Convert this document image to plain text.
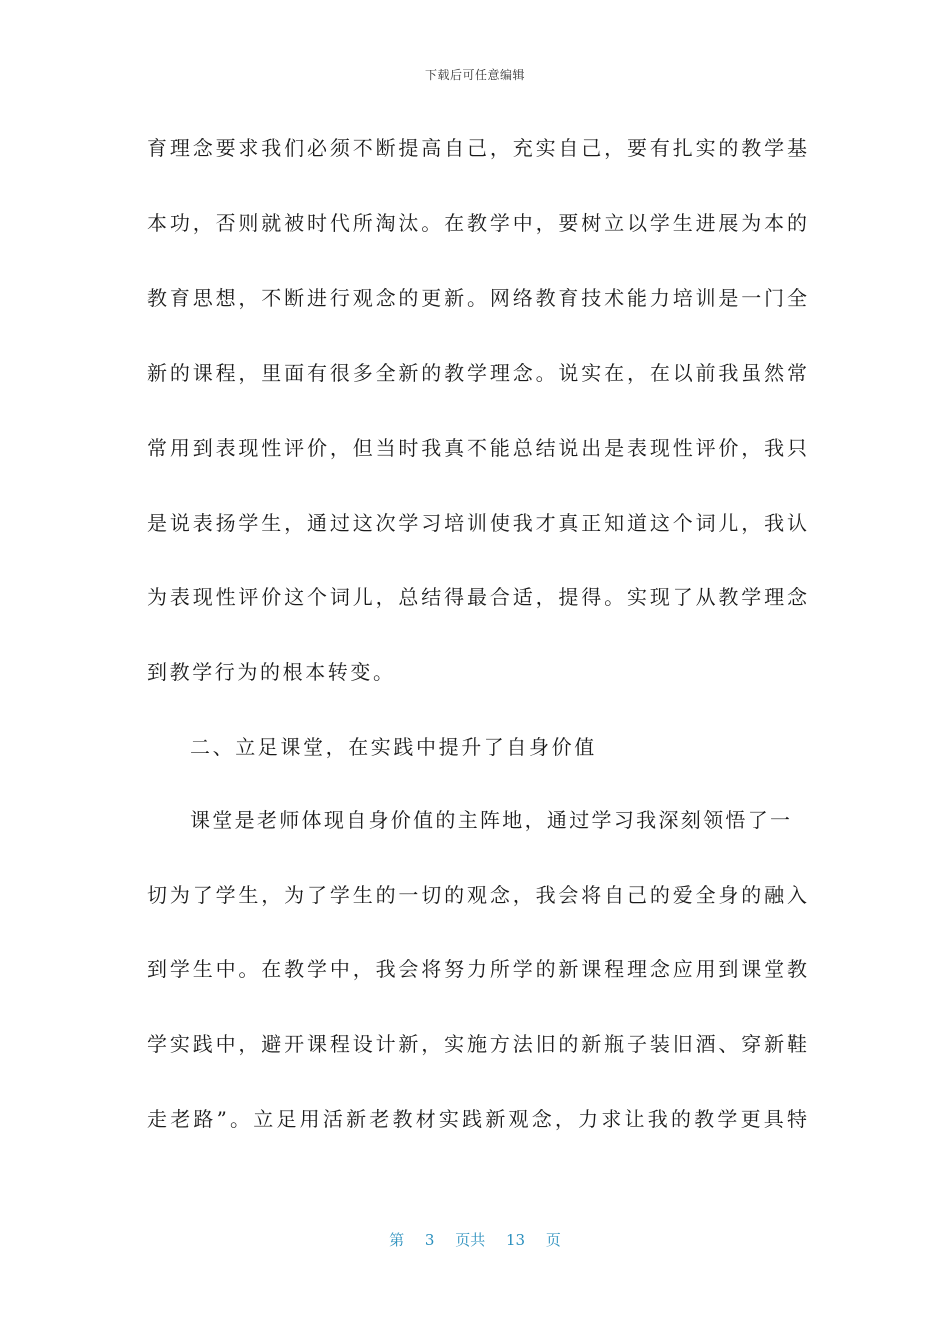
下载后可任意编辑
育理念要求我们必须不断提高自己，充实自己，要有扎实的教学基
本功，否则就被时代所淘汰。在教学中，要树立以学生进展为本的
教育思想，不断进行观念的更新。网络教育技术能力培训是一门全
新的课程，里面有很多全新的教学理念。说实在，在以前我虽然常
常用到表现性评价，但当时我真不能总结说出是表现性评价，我只
是说表扬学生，通过这次学习培训使我才真正知道这个词儿，我认
为表现性评价这个词儿，总结得最合适，提得。实现了从教学理念
到教学行为的根本转变。
二、立足课堂，在实践中提升了自身价值
课堂是老师体现自身价值的主阵地，通过学习我深刻领悟了一
切为了学生，为了学生的一切的观念，我会将自己的爱全身的融入
到学生中。在教学中，我会将努力所学的新课程理念应用到课堂教
学实践中，避开课程设计新，实施方法旧的新瓶子装旧酒、穿新鞋
走老路”。立足用活新老教材实践新观念，力求让我的教学更具特
第 3 页共 13 页
